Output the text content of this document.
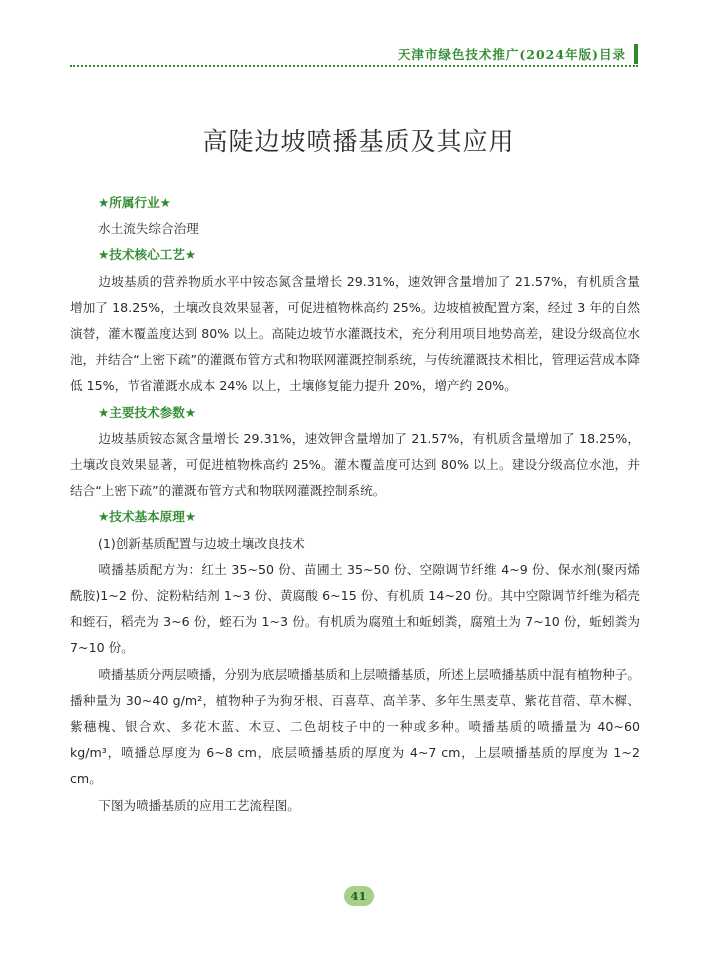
天津市绿色技术推广(2024年版)目录
高陡边坡喷播基质及其应用

★所属行业★

水土流失综合治理

★技术核心工艺★

边坡基质的营养物质水平中铵态氮含量增长 29.31%，速效钾含量增加了 21.57%，有机质含量增加了 18.25%，土壤改良效果显著，可促进植物株高约 25%。边坡植被配置方案，经过 3 年的自然演替，灌木覆盖度达到 80% 以上。高陡边坡节水灌溉技术，充分利用项目地势高差，建设分级高位水池，并结合“上密下疏”的灌溉布管方式和物联网灌溉控制系统，与传统灌溉技术相比，管理运营成本降低 15%，节省灌溉水成本 24% 以上，土壤修复能力提升 20%，增产约 20%。

★主要技术参数★

边坡基质铵态氮含量增长 29.31%，速效钾含量增加了 21.57%，有机质含量增加了 18.25%，土壤改良效果显著，可促进植物株高约 25%。灌木覆盖度可达到 80% 以上。建设分级高位水池，并结合“上密下疏”的灌溉布管方式和物联网灌溉控制系统。

★技术基本原理★

(1)创新基质配置与边坡土壤改良技术

喷播基质配方为：红土 35~50 份、苗圃土 35~50 份、空隙调节纤维 4~9 份、保水剂(聚丙烯酰胺)1~2 份、淀粉粘结剂 1~3 份、黄腐酸 6~15 份、有机质 14~20 份。其中空隙调节纤维为稻壳和蛭石，稻壳为 3~6 份，蛭石为 1~3 份。有机质为腐殖土和蚯蚓粪，腐殖土为 7~10 份，蚯蚓粪为 7~10 份。

喷播基质分两层喷播，分别为底层喷播基质和上层喷播基质，所述上层喷播基质中混有植物种子。播种量为 30~40 g/m²，植物种子为狗牙根、百喜草、高羊茅、多年生黑麦草、紫花苜蓿、草木樨、紫穗槐、银合欢、多花木蓝、木豆、二色胡枝子中的一种或多种。喷播基质的喷播量为 40~60 kg/m³，喷播总厚度为 6~8 cm，底层喷播基质的厚度为 4~7 cm，上层喷播基质的厚度为 1~2 cm。

下图为喷播基质的应用工艺流程图。

41
